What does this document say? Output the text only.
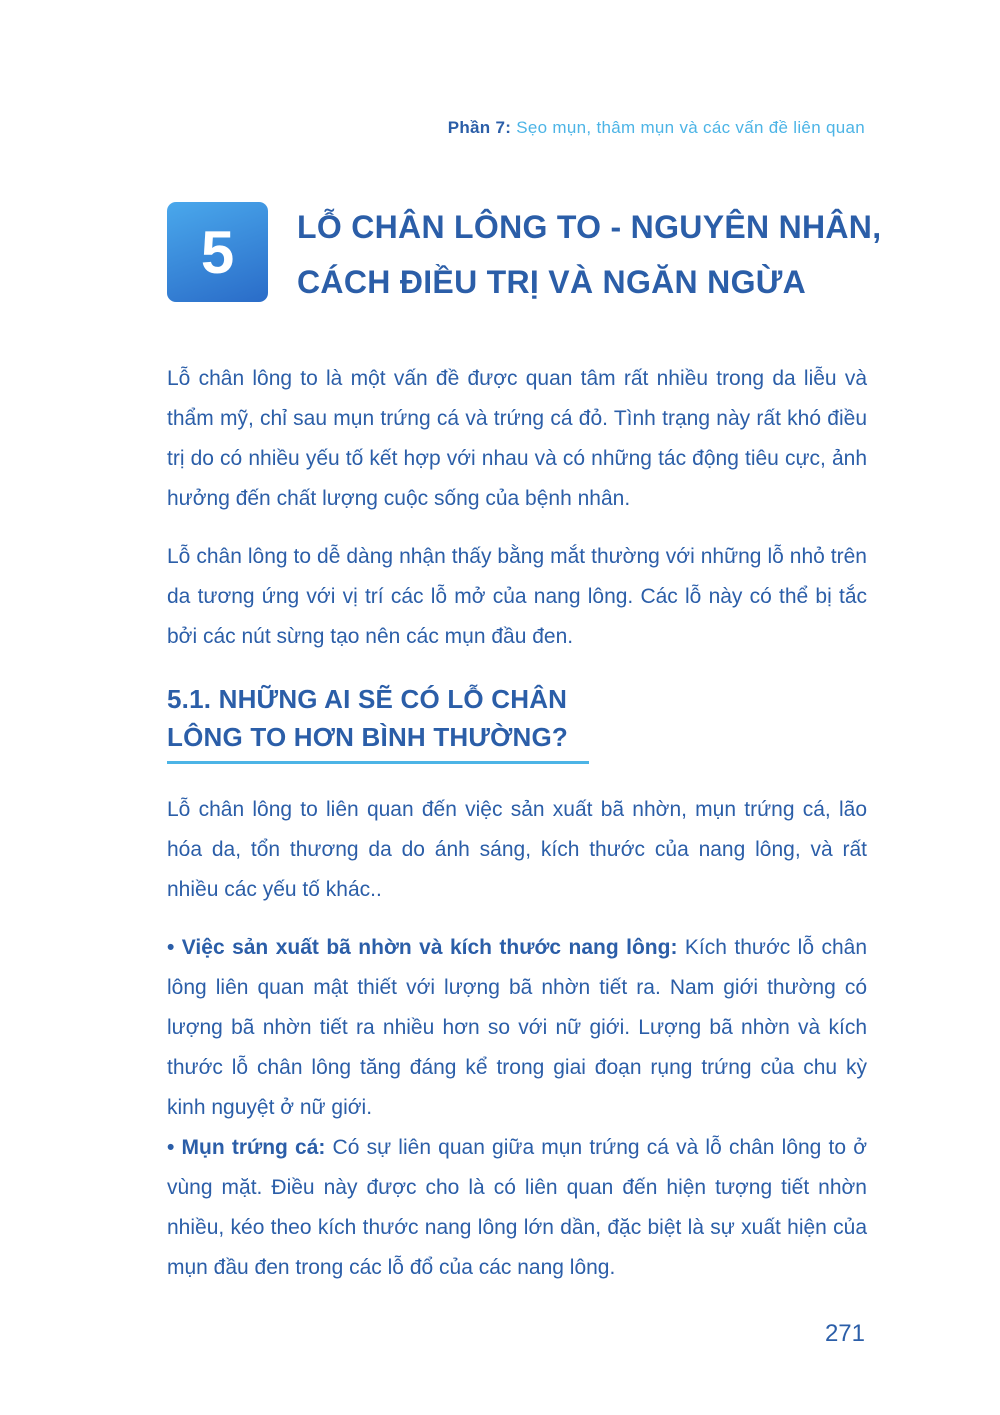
Phần 7: Sẹo mụn, thâm mụn và các vấn đề liên quan
5	LỖ CHÂN LÔNG TO - NGUYÊN NHÂN,
CÁCH ĐIỀU TRỊ VÀ NGĂN NGỪA

Lỗ chân lông to là một vấn đề được quan tâm rất nhiều trong da liễu và thẩm mỹ, chỉ sau mụn trứng cá và trứng cá đỏ. Tình trạng này rất khó điều trị do có nhiều yếu tố kết hợp với nhau và có những tác động tiêu cực, ảnh hưởng đến chất lượng cuộc sống của bệnh nhân.

Lỗ chân lông to dễ dàng nhận thấy bằng mắt thường với những lỗ nhỏ trên da tương ứng với vị trí các lỗ mở của nang lông. Các lỗ này có thể bị tắc bởi các nút sừng tạo nên các mụn đầu đen.

5.1. NHỮNG AI SẼ CÓ LỖ CHÂN
LÔNG TO HƠN BÌNH THƯỜNG?

Lỗ chân lông to liên quan đến việc sản xuất bã nhờn, mụn trứng cá, lão hóa da, tổn thương da do ánh sáng, kích thước của nang lông, và rất nhiều các yếu tố khác..

• Việc sản xuất bã nhờn và kích thước nang lông: Kích thước lỗ chân lông liên quan mật thiết với lượng bã nhờn tiết ra. Nam giới thường có lượng bã nhờn tiết ra nhiều hơn so với nữ giới. Lượng bã nhờn và kích thước lỗ chân lông tăng đáng kể trong giai đoạn rụng trứng của chu kỳ kinh nguyệt ở nữ giới.

• Mụn trứng cá: Có sự liên quan giữa mụn trứng cá và lỗ chân lông to ở vùng mặt. Điều này được cho là có liên quan đến hiện tượng tiết nhờn nhiều, kéo theo kích thước nang lông lớn dần, đặc biệt là sự xuất hiện của mụn đầu đen trong các lỗ đổ của các nang lông.

271
